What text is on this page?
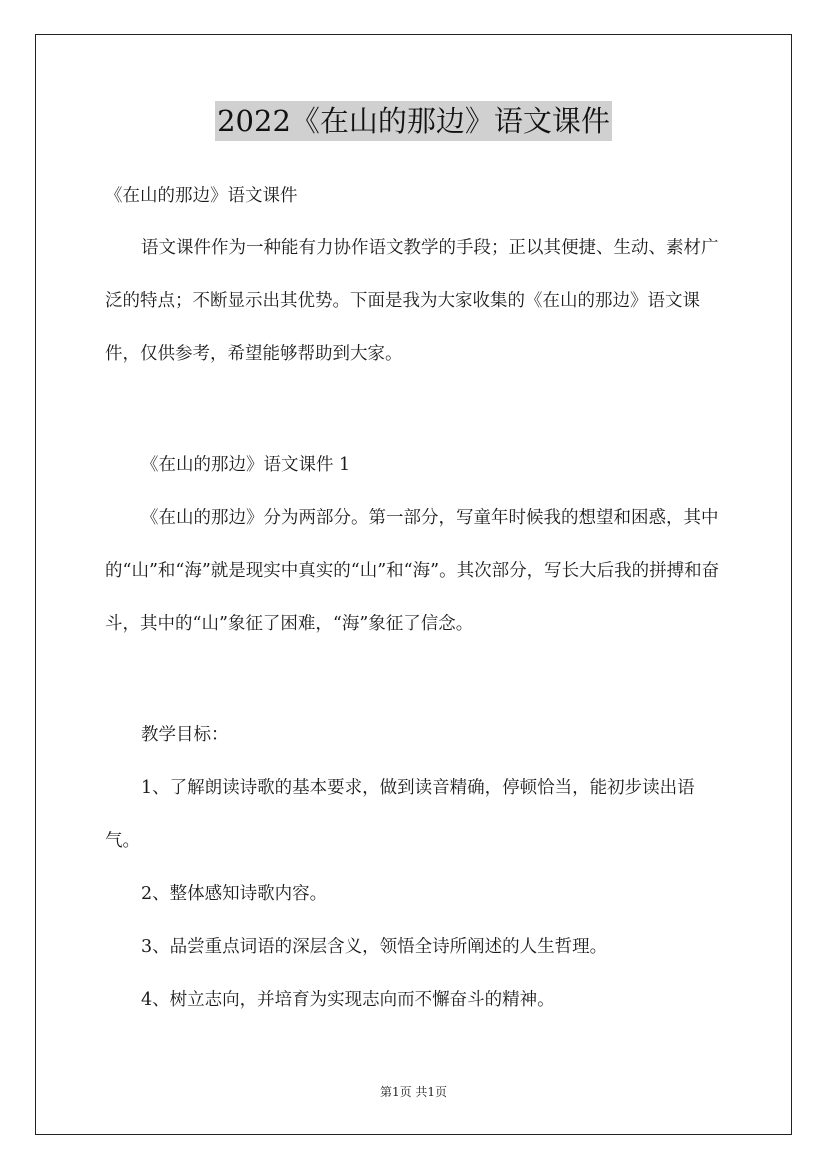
2022《在山的那边》语文课件

《在山的那边》语文课件

语文课件作为一种能有力协作语文教学的手段；正以其便捷、生动、素材广泛的特点；不断显示出其优势。下面是我为大家收集的《在山的那边》语文课件，仅供参考，希望能够帮助到大家。

《在山的那边》语文课件 1

《在山的那边》分为两部分。第一部分，写童年时候我的想望和困惑，其中的“山”和“海”就是现实中真实的“山”和“海”。其次部分，写长大后我的拼搏和奋斗，其中的“山”象征了困难，“海”象征了信念。

教学目标：

1、了解朗读诗歌的基本要求，做到读音精确，停顿恰当，能初步读出语气。

2、整体感知诗歌内容。

3、品尝重点词语的深层含义，领悟全诗所阐述的人生哲理。

4、树立志向，并培育为实现志向而不懈奋斗的精神。

第1页 共1页
